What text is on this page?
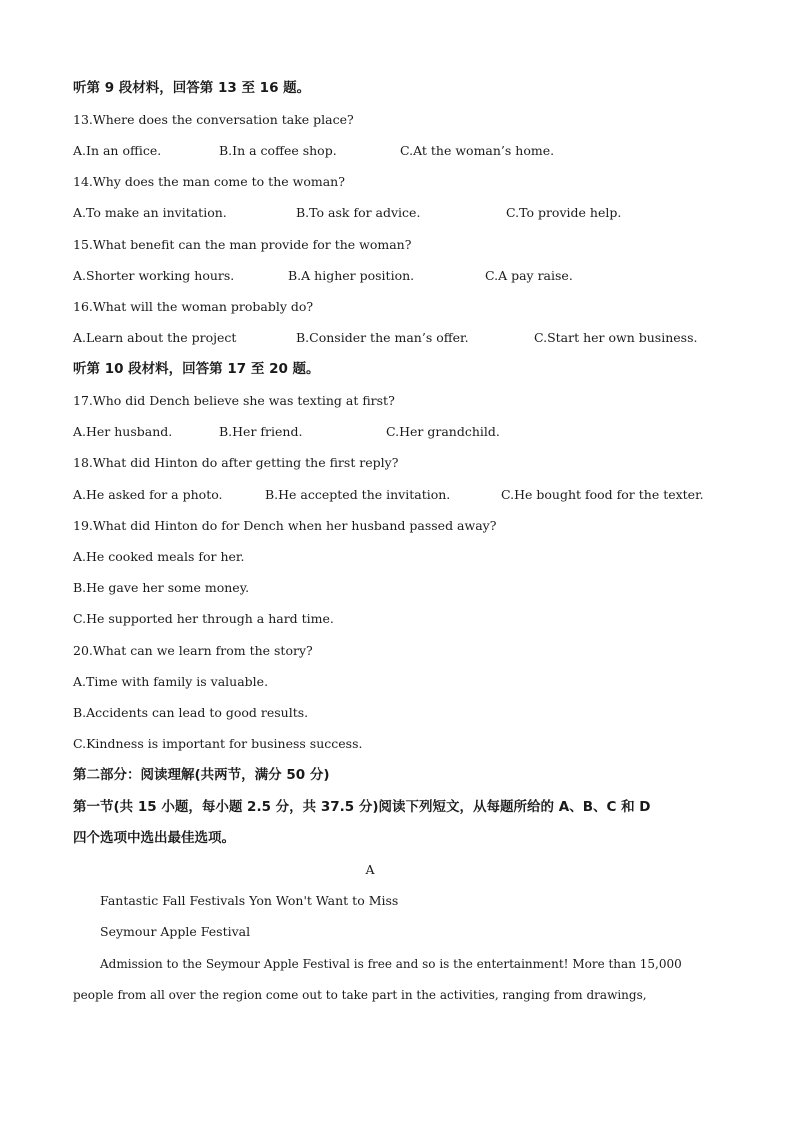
听第 9 段材料，回答第 13 至 16 题。
13.Where does the conversation take place?

A.In an office.

	B.In a coffee shop.

	C.At the woman’s home.

14.Why does the man come to the woman?

A.To make an invitation.

	B.To ask for advice.

	C.To provide help.

15.What benefit can the man provide for the woman?

A.Shorter working hours.

	B.A higher position.

	C.A pay raise.

16.What will the woman probably do?

A.Learn about the project

	B.Consider the man’s offer.

	C.Start her own business.

听第 10 段材料，回答第 17 至 20 题。
17.Who did Dench believe she was texting at first?

A.Her husband.

	B.Her friend.

	C.Her grandchild.

18.What did Hinton do after getting the first reply?

A.He asked for a photo.

	B.He accepted the invitation.

	C.He bought food for the texter.

19.What did Hinton do for Dench when her husband passed away?
A.He cooked meals for her.
B.He gave her some money.
C.He supported her through a hard time.
20.What can we learn from the story?
A.Time with family is valuable.
B.Accidents can lead to good results.
C.Kindness is important for business success.
第二部分：阅读理解(共两节，满分 50 分)
第一节(共 15 小题，每小题 2.5 分，共 37.5 分)阅读下列短文，从每题所给的 A、B、C 和 D
四个选项中选出最佳选项。
A
Fantastic Fall Festivals Yon Won't Want to Miss
Seymour Apple Festival
Admission to the Seymour Apple Festival is free and so is the entertainment! More than 15,000
people from all over the region come out to take part in the activities, ranging from drawings,
